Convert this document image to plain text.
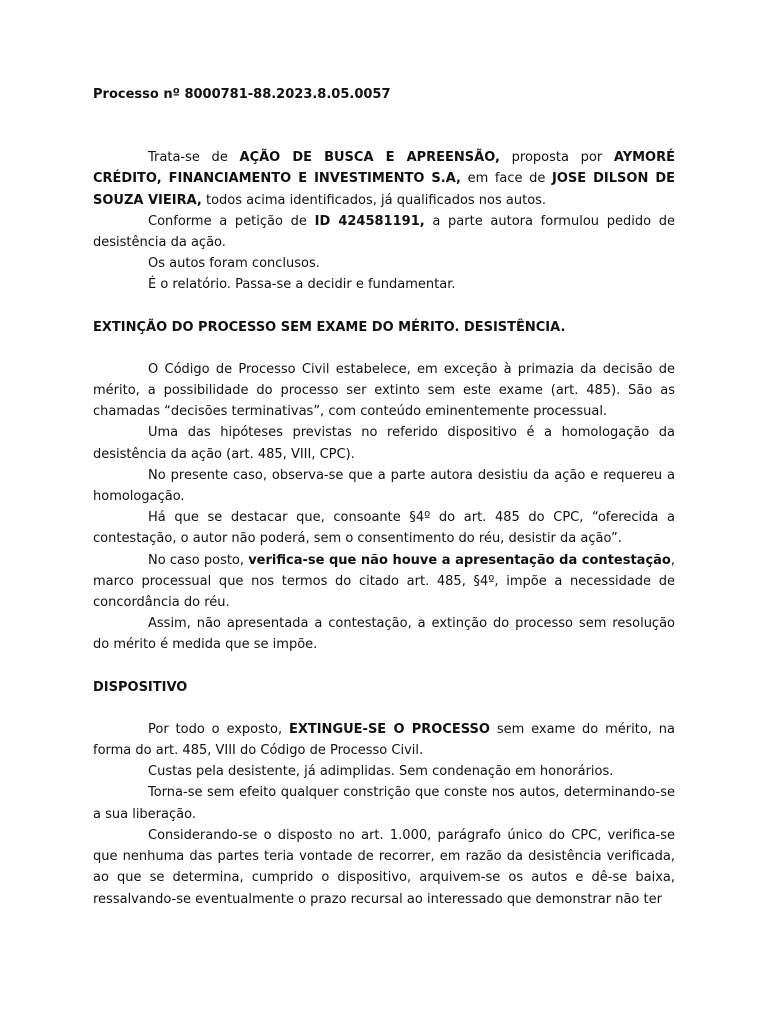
Processo nº 8000781-88.2023.8.05.0057

Trata-se de AÇÃO DE BUSCA E APREENSÃO, proposta por AYMORÉ CRÉDITO, FINANCIAMENTO E INVESTIMENTO S.A, em face de JOSE DILSON DE SOUZA VIEIRA, todos acima identificados, já qualificados nos autos.

Conforme a petição de ID 424581191, a parte autora formulou pedido de desistência da ação.

Os autos foram conclusos.

É o relatório. Passa-se a decidir e fundamentar.

EXTINÇÃO DO PROCESSO SEM EXAME DO MÉRITO. DESISTÊNCIA.

O Código de Processo Civil estabelece, em exceção à primazia da decisão de mérito, a possibilidade do processo ser extinto sem este exame (art. 485). São as chamadas “decisões terminativas”, com conteúdo eminentemente processual.

Uma das hipóteses previstas no referido dispositivo é a homologação da desistência da ação (art. 485, VIII, CPC).

No presente caso, observa-se que a parte autora desistiu da ação e requereu a homologação.

Há que se destacar que, consoante §4º do art. 485 do CPC, “oferecida a contestação, o autor não poderá, sem o consentimento do réu, desistir da ação”.

No caso posto, verifica-se que não houve a apresentação da contestação, marco processual que nos termos do citado art. 485, §4º, impõe a necessidade de concordância do réu.

Assim, não apresentada a contestação, a extinção do processo sem resolução do mérito é medida que se impõe.

DISPOSITIVO

Por todo o exposto, EXTINGUE-SE O PROCESSO sem exame do mérito, na forma do art. 485, VIII do Código de Processo Civil.

Custas pela desistente, já adimplidas. Sem condenação em honorários.

Torna-se sem efeito qualquer constrição que conste nos autos, determinando-se a sua liberação.

Considerando-se o disposto no art. 1.000, parágrafo único do CPC, verifica-se que nenhuma das partes teria vontade de recorrer, em razão da desistência verificada, ao que se determina, cumprido o dispositivo, arquivem-se os autos e dê-se baixa, ressalvando-se eventualmente o prazo recursal ao interessado que demonstrar não ter
